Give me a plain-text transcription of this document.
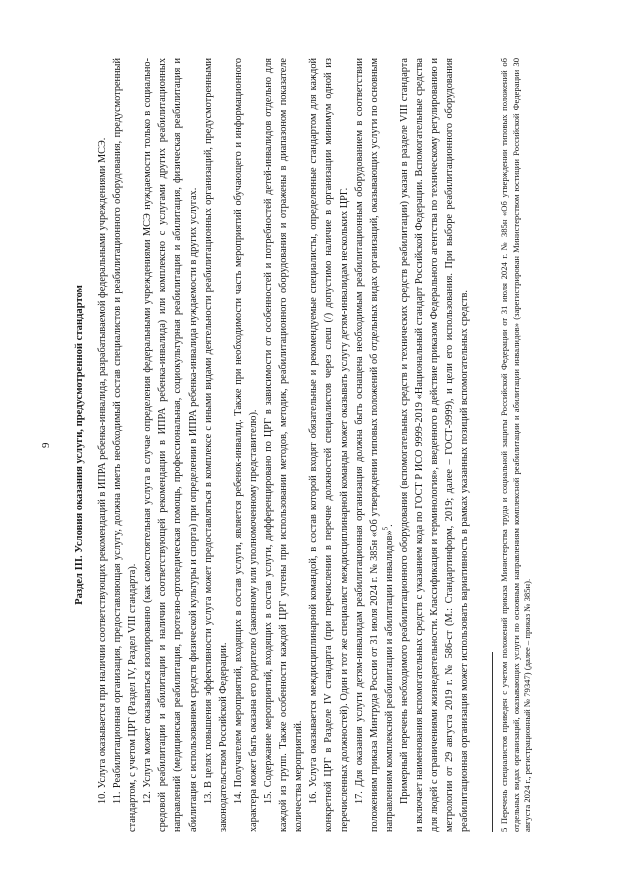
9 Раздел III. Условия оказания услуги, предусмотренной стандартом 10. Услуга оказывается при наличии соответствующих рекомендаций в ИПРА ребенка-инвалида, разрабатываемой федеральными учреждениями МСЭ. 11. Реабилитационная организация, предоставляющая услугу, должна иметь необходимый состав специалистов и реабилитационного оборудования, предусмотренный стандартом, с учетом ЦРГ (Раздел IV, Раздел VIII стандарта). 12. Услуга может оказываться изолированно (как самостоятельная услуга в случае определения федеральными учреждениями МСЭ нуждаемости только в социально-средовой реабилитации и абилитации и наличии соответствующей рекомендации в ИПРА ребенка-инвалида) или комплексно с услугами других реабилитационных направлений (медицинская реабилитация, протезно-ортопедическая помощь, профессиональная, социокультурная реабилитация и абилитация, физическая реабилитация и абилитация с использованием средств физической культуры и спорта) при определении в ИПРА ребенка-инвалида нуждаемости в других услугах. 13. В целях повышения эффективности услуга может предоставляться в комплексе с иными видами деятельности реабилитационных организаций, предусмотренными законодательством Российской Федерации. 14. Получателем мероприятий, входящих в состав услуги, является ребенок-инвалид. Также при необходимости часть мероприятий обучающего и информационного характера может быть оказана его родителю (законному или уполномоченному представителю). 15. Содержание мероприятий, входящих в состав услуги, дифференцировано по ЦРГ в зависимости от особенностей и потребностей детей-инвалидов отдельно для каждой из групп. Также особенности каждой ЦРГ учтены при использовании методов, методик, реабилитационного оборудования и отражены в диапазоном показателе количества мероприятий. 16. Услуга оказывается междисциплинарной командой, в состав которой входят обязательные и рекомендуемые специалисты, определенные стандартом для каждой конкретной ЦРГ в Разделе IV стандарта (при перечислении в перечне должностей специалистов через слеш (/) допустимо наличие в организации минимум одной из перечисленных должностей). Один и тот же специалист междисциплинарной команды может оказывать услугу детям-инвалидам нескольких ЦРГ. 17. Для оказания услуги детям-инвалидам реабилитационная организация должна быть оснащена необходимым реабилитационным оборудованием в соответствии положениям приказа Минтруда России от 31 июля 2024 г. № 385н «Об утверждении типовых положений об отдельных видах организаций, оказывающих услуги по основным направлениям комплексной реабилитации и абилитации инвалидов»$^5$. Примерный перечень необходимого реабилитационного оборудования (вспомогательных средств и технических средств реабилитации) указан в разделе VIII стандарта и включает наименования вспомогательных средств с указанием кода по ГОСТ Р ИСО 9999-2019 «Национальный стандарт Российской Федерации. Вспомогательные средства для людей с ограничениями жизнедеятельности. Классификация и терминология», введенного в действие приказом Федерального агентства по техническому регулированию и метрологии от 29 августа 2019 г. № 586-ст (М.: Стандартинформ, 2019; далее – ГОСТ-9999), и цели его использования. При выборе реабилитационного оборудования реабилитационная организация может использовать вариативность в рамках указанных позиций вспомогательных средств.	5 Перечень специалистов приведен с учетом положений приказа Министерства труда и социальной защиты Российской Федерации от 31 июля 2024 г. № 385н «Об утверждении типовых положений об отдельных видах организаций, оказывающих услуги по основным направлениям комплексной реабилитации и абилитации инвалидов» (зарегистрирован Министерством юстиции Российской Федерации 30 августа 2024 г., регистрационный № 79347) (далее – приказ № 385н).
